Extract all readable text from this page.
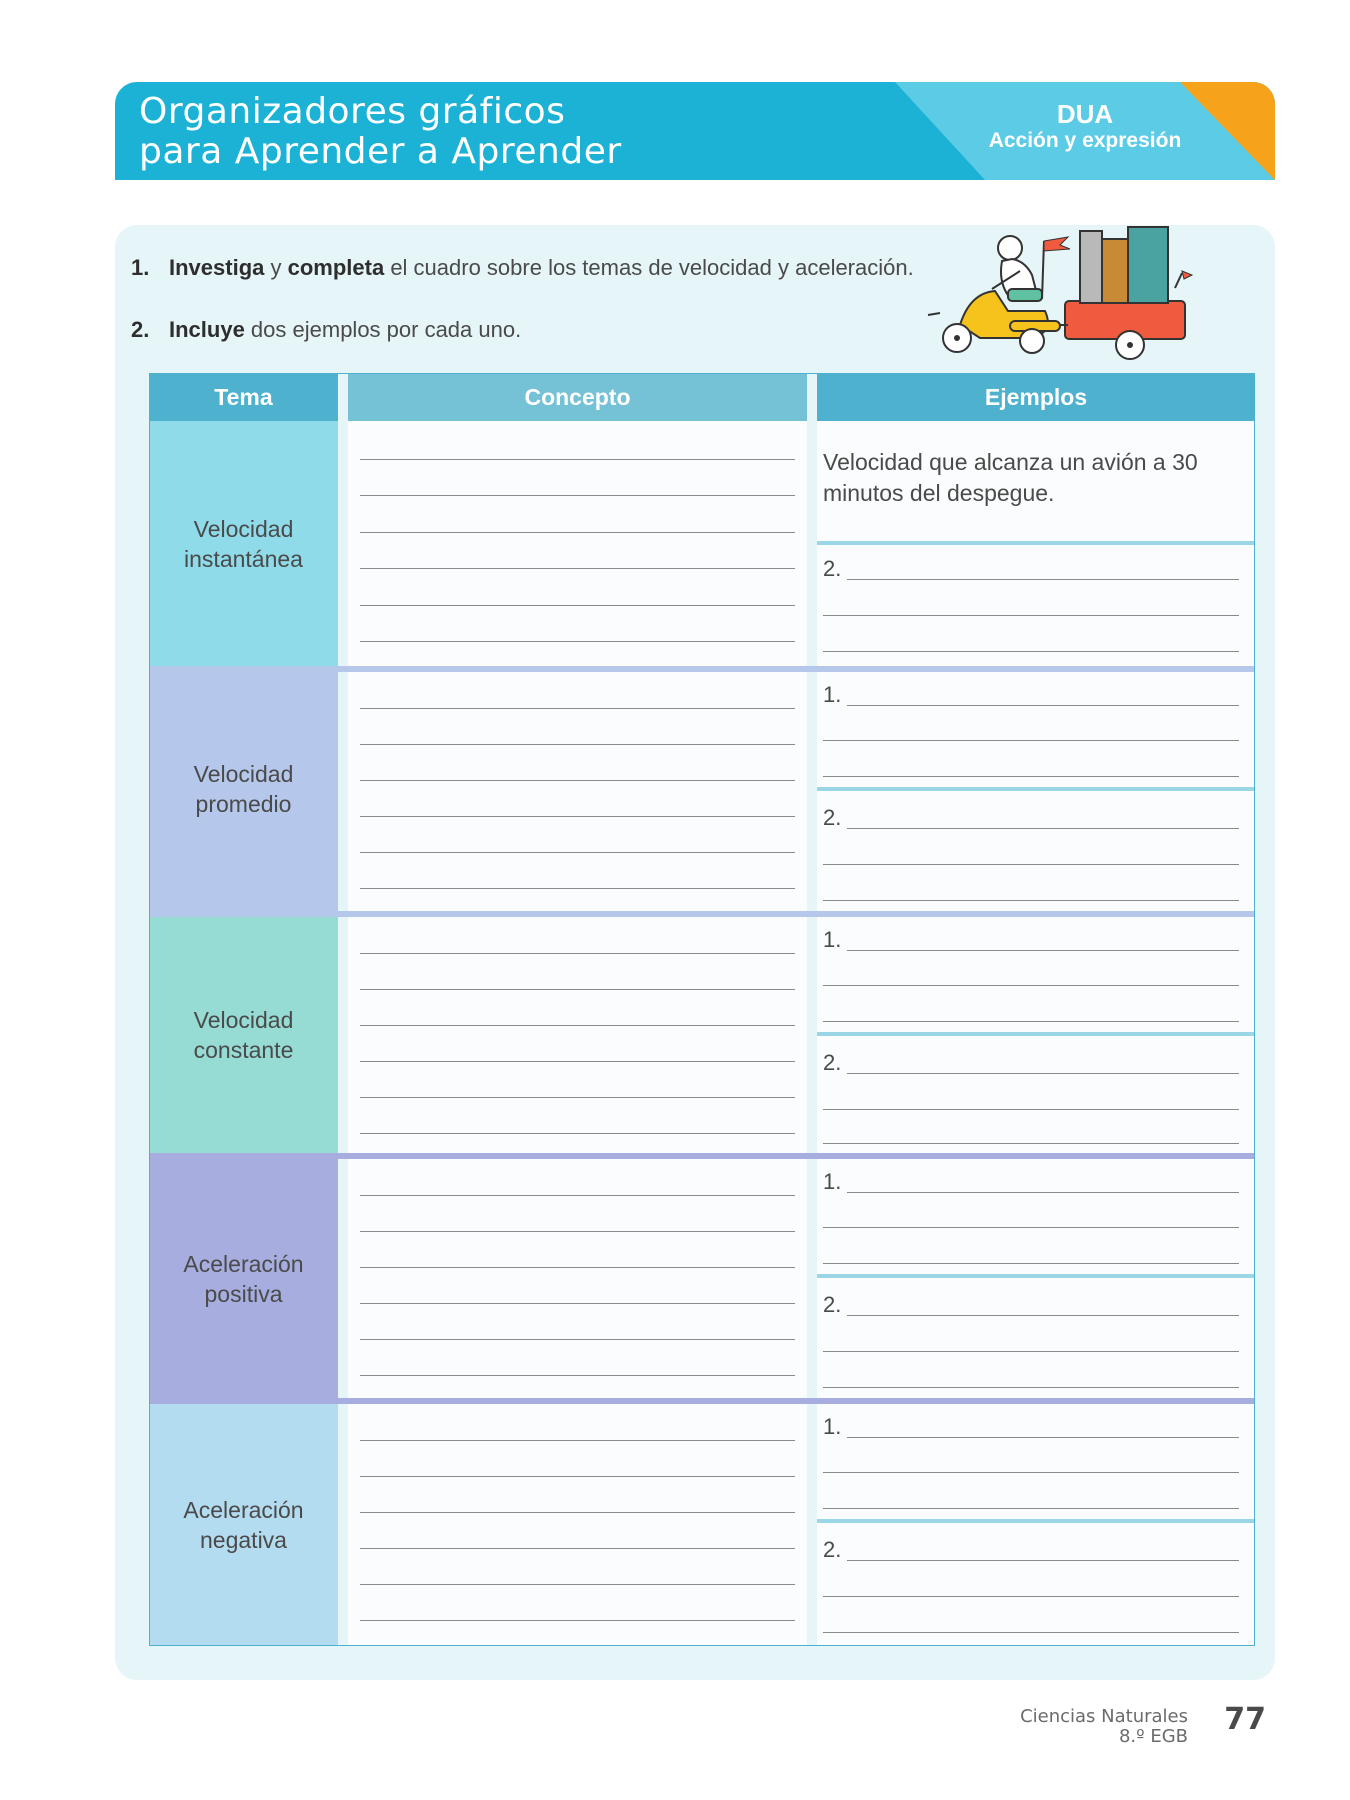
Organizadores gráficos
para Aprender a Aprender
DUA
Acción y expresión
1. Investiga y completa el cuadro sobre los temas de velocidad y aceleración.
2. Incluye dos ejemplos por cada uno.
Tema	Concepto	Ejemplos
Velocidad
instantánea
Velocidad que alcanza un avión a 30 minutos del despegue.
2.
Velocidad
promedio
1.
2.
Velocidad
constante
1.
2.
Aceleración
positiva
1.
2.
Aceleración
negativa
1.
2.
Ciencias Naturales
8.º EGB 77
